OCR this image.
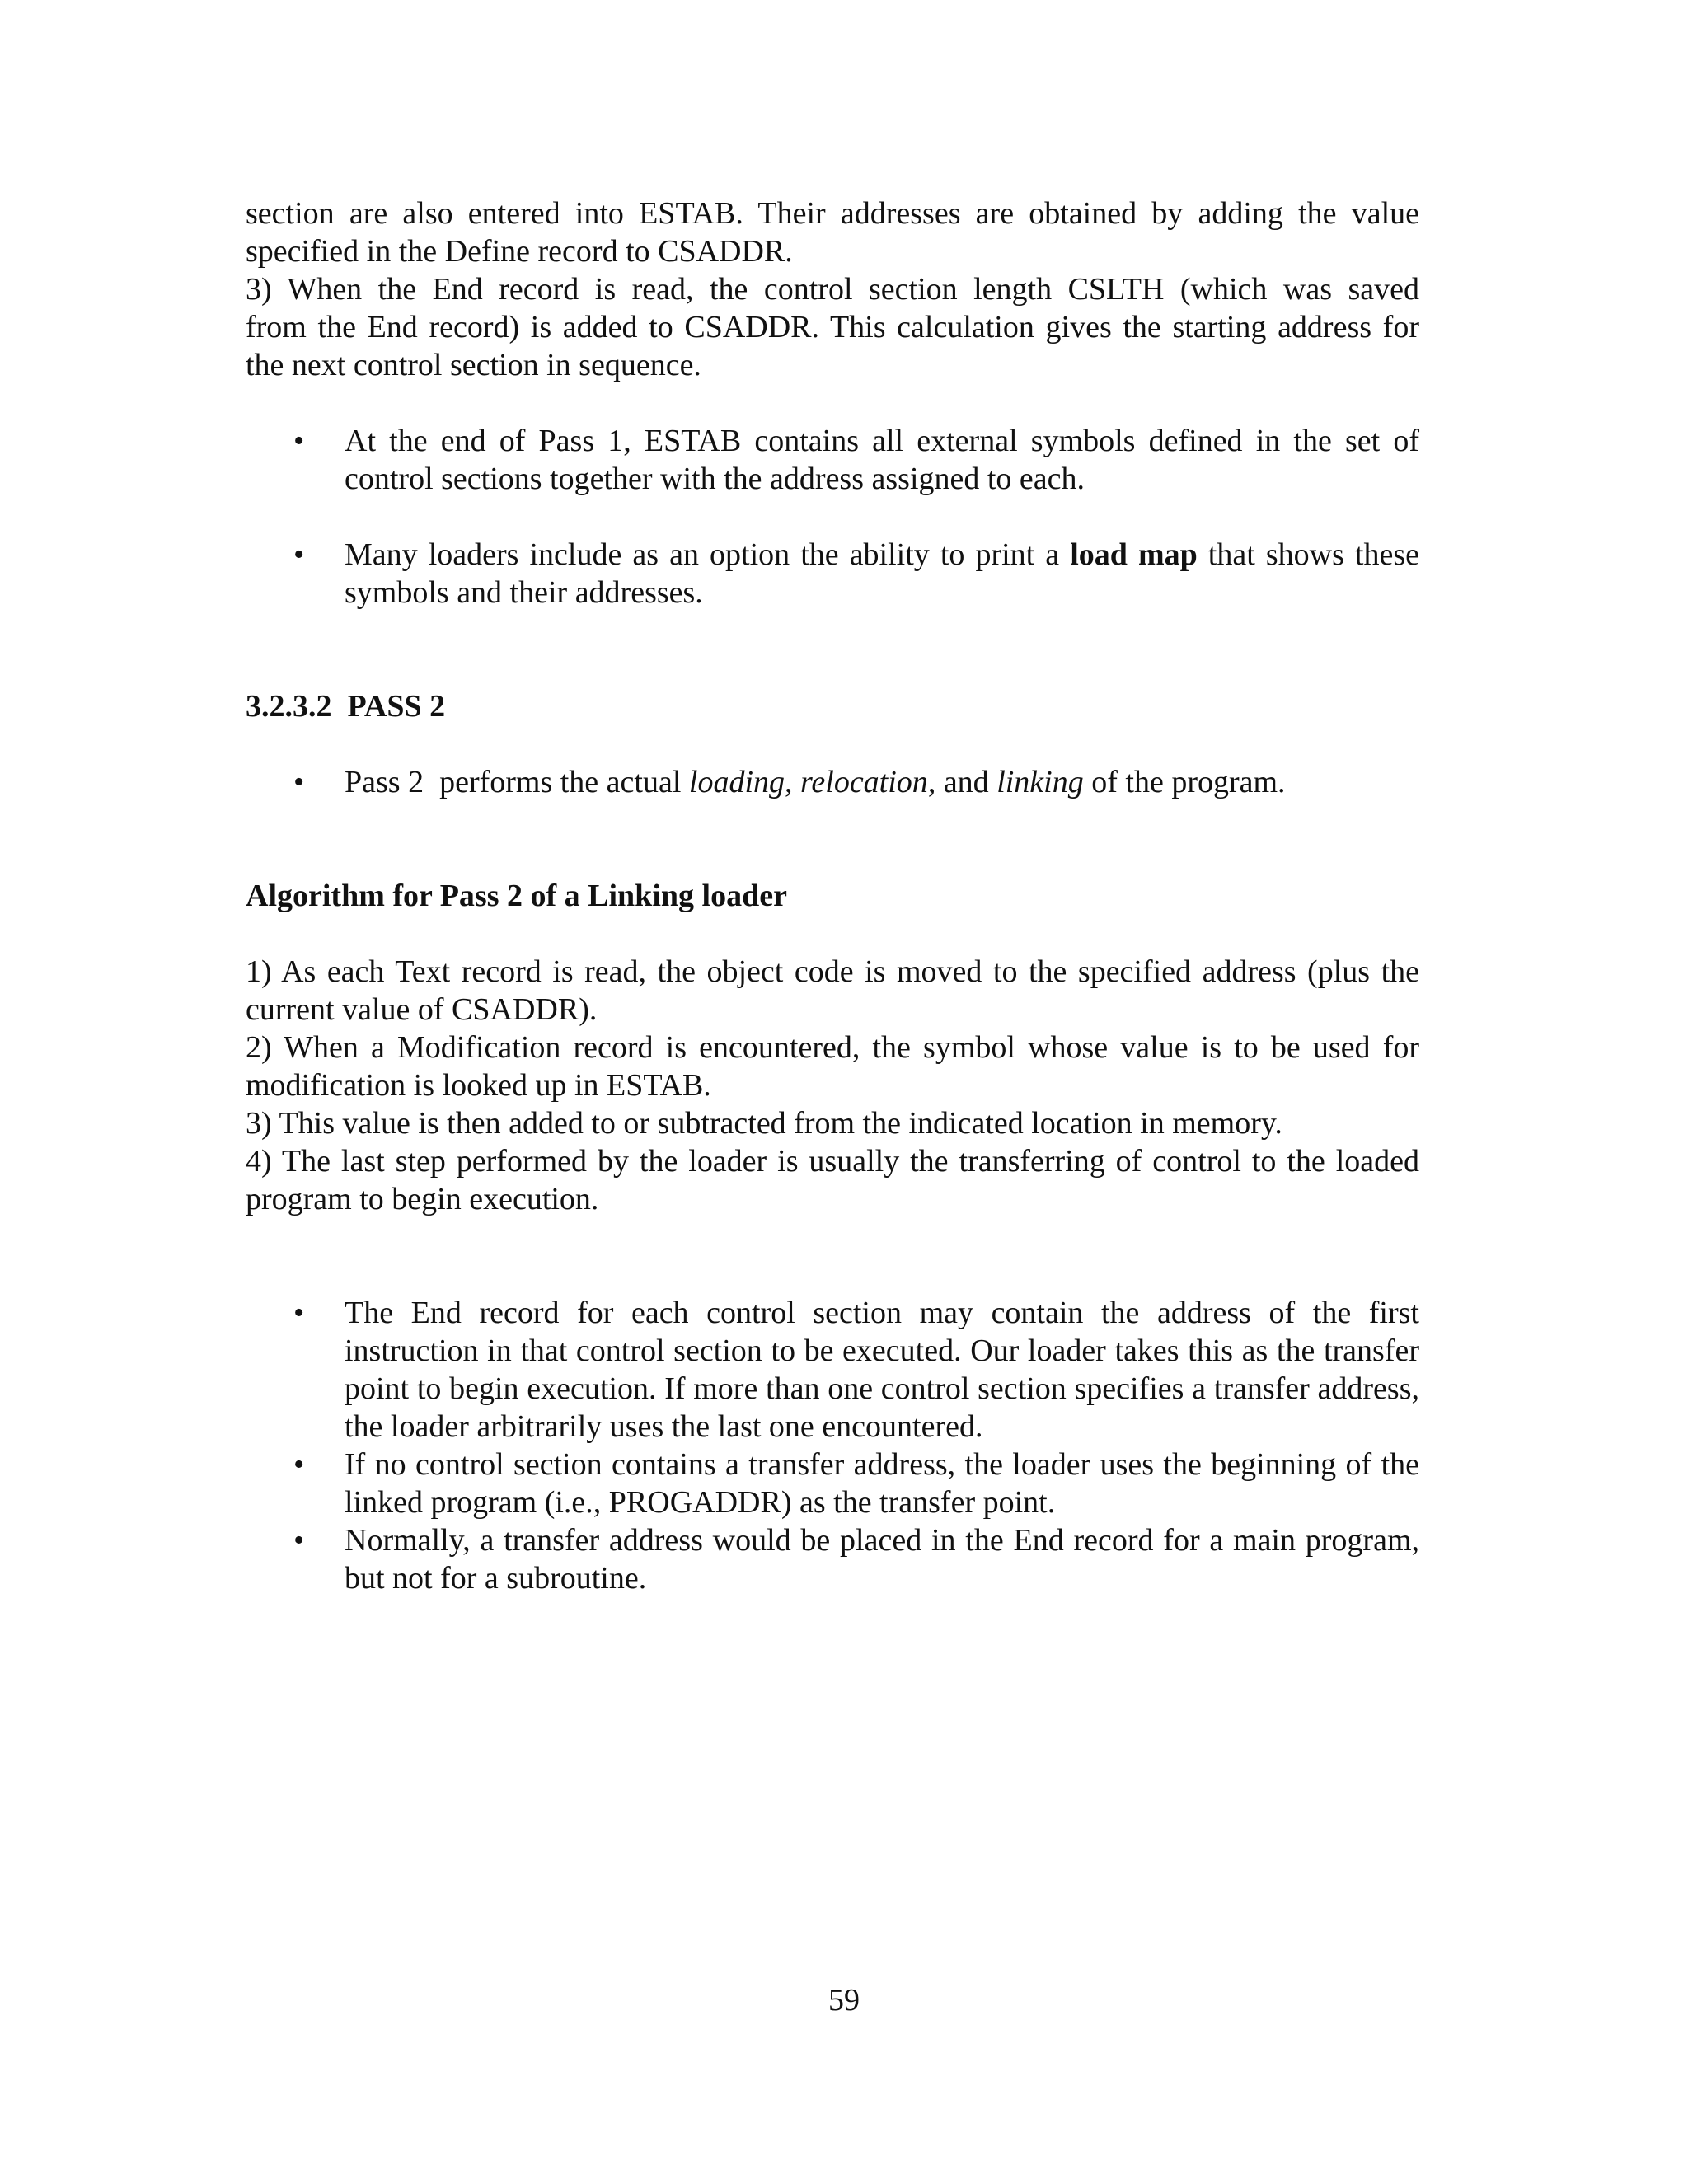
section are also entered into ESTAB. Their addresses are obtained by adding the value

specified in the Define record to CSADDR.

3) When the End record is read, the control section length CSLTH (which was saved

from the End record) is added to CSADDR. This calculation gives the starting address for

the next control section in sequence.

• At the end of Pass 1, ESTAB contains all external symbols defined in the set of control sections together with the address assigned to each.
• Many loaders include as an option the ability to print a load map that shows these symbols and their addresses.

3.2.3.2 PASS 2

• Pass 2  performs the actual loading, relocation, and linking of the program.

Algorithm for Pass 2 of a Linking loader

1) As each Text record is read, the object code is moved to the specified address (plus the current value of CSADDR).

2) When a Modification record is encountered, the symbol whose value is to be used for modification is looked up in ESTAB.

3) This value is then added to or subtracted from the indicated location in memory.

4) The last step performed by the loader is usually the transferring of control to the loaded program to begin execution.

• The End record for each control section may contain the address of the first instruction in that control section to be executed. Our loader takes this as the transfer point to begin execution. If more than one control section specifies a transfer address, the loader arbitrarily uses the last one encountered.
• If no control section contains a transfer address, the loader uses the beginning of the linked program (i.e., PROGADDR) as the transfer point.
• Normally, a transfer address would be placed in the End record for a main program, but not for a subroutine.
59
